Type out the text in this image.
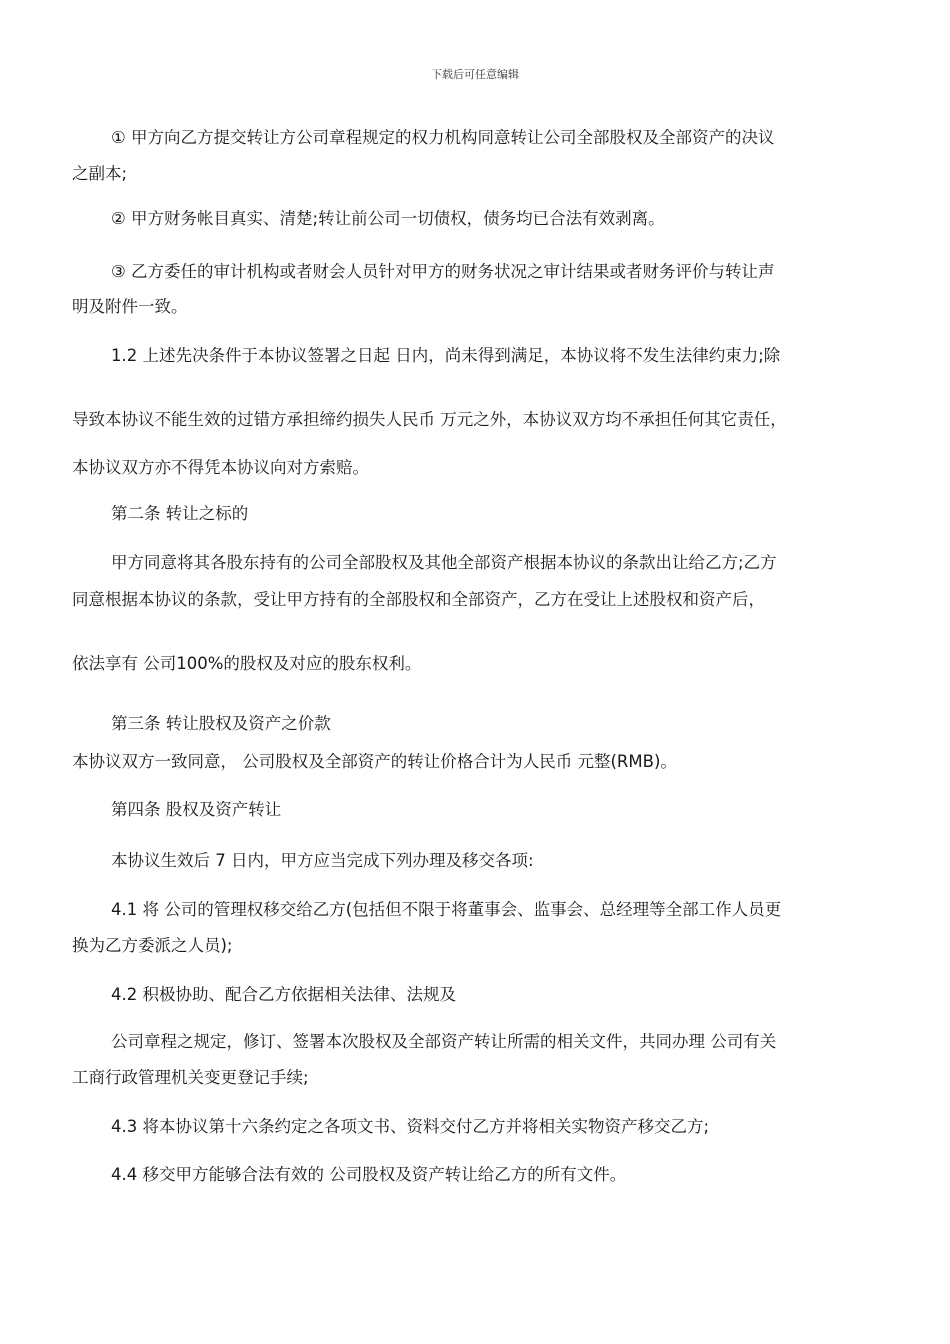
下载后可任意编辑
① 甲方向乙方提交转让方公司章程规定的权力机构同意转让公司全部股权及全部资产的决议
之副本;
② 甲方财务帐目真实、清楚;转让前公司一切债权，债务均已合法有效剥离。
③ 乙方委任的审计机构或者财会人员针对甲方的财务状况之审计结果或者财务评价与转让声
明及附件一致。
1.2 上述先决条件于本协议签署之日起 日内，尚未得到满足，本协议将不发生法律约束力;除
导致本协议不能生效的过错方承担缔约损失人民币 万元之外，本协议双方均不承担任何其它责任，
本协议双方亦不得凭本协议向对方索赔。
第二条 转让之标的
甲方同意将其各股东持有的公司全部股权及其他全部资产根据本协议的条款出让给乙方;乙方
同意根据本协议的条款，受让甲方持有的全部股权和全部资产，乙方在受让上述股权和资产后，
依法享有 公司100%的股权及对应的股东权利。
第三条 转让股权及资产之价款
本协议双方一致同意， 公司股权及全部资产的转让价格合计为人民币 元整(RMB)。
第四条 股权及资产转让
本协议生效后 7 日内，甲方应当完成下列办理及移交各项:
4.1 将 公司的管理权移交给乙方(包括但不限于将董事会、监事会、总经理等全部工作人员更
换为乙方委派之人员);
4.2 积极协助、配合乙方依据相关法律、法规及
公司章程之规定，修订、签署本次股权及全部资产转让所需的相关文件，共同办理 公司有关
工商行政管理机关变更登记手续;
4.3 将本协议第十六条约定之各项文书、资料交付乙方并将相关实物资产移交乙方;
4.4 移交甲方能够合法有效的 公司股权及资产转让给乙方的所有文件。
